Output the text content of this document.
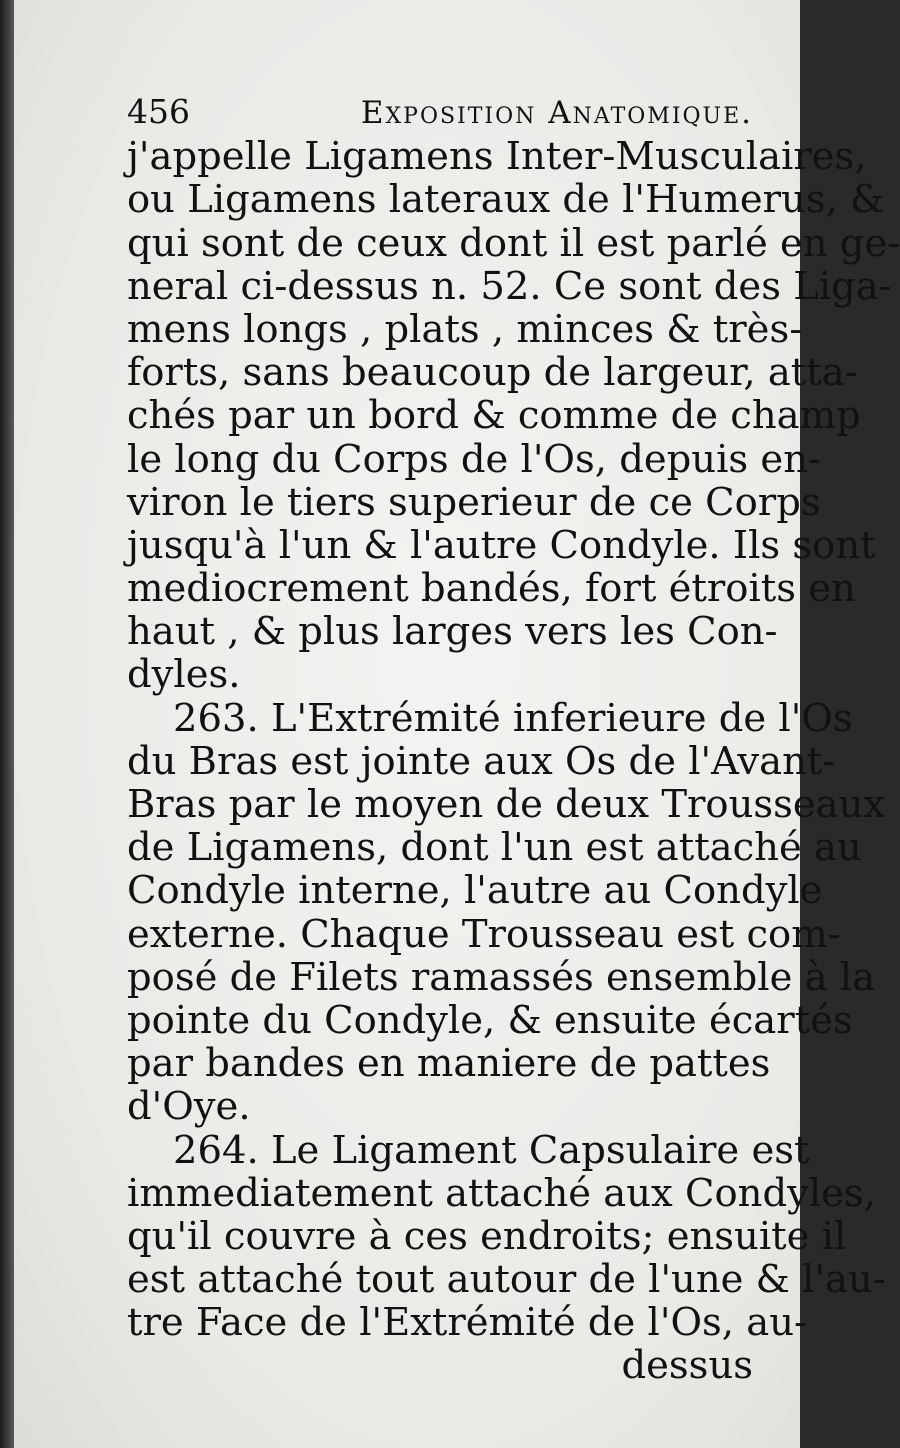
456	Exposition Anatomique.
j'appelle Ligamens Inter-Musculaires,
ou Ligamens lateraux de l'Humerus, &
qui sont de ceux dont il est parlé en ge-
neral ci-dessus n. 52. Ce sont des Liga-
mens longs , plats , minces & très-
forts, sans beaucoup de largeur, atta-
chés par un bord & comme de champ
le long du Corps de l'Os, depuis en-
viron le tiers superieur de ce Corps
jusqu'à l'un & l'autre Condyle. Ils sont
mediocrement bandés, fort étroits en
haut , & plus larges vers les Con-
dyles.
263. L'Extrémité inferieure de l'Os
du Bras est jointe aux Os de l'Avant-
Bras par le moyen de deux Trousseaux
de Ligamens, dont l'un est attaché au
Condyle interne, l'autre au Condyle
externe. Chaque Trousseau est com-
posé de Filets ramassés ensemble à la
pointe du Condyle, & ensuite écartés
par bandes en maniere de pattes
d'Oye.
264. Le Ligament Capsulaire est
immediatement attaché aux Condyles,
qu'il couvre à ces endroits; ensuite il
est attaché tout autour de l'une & l'au-
tre Face de l'Extrémité de l'Os, au-
dessus
